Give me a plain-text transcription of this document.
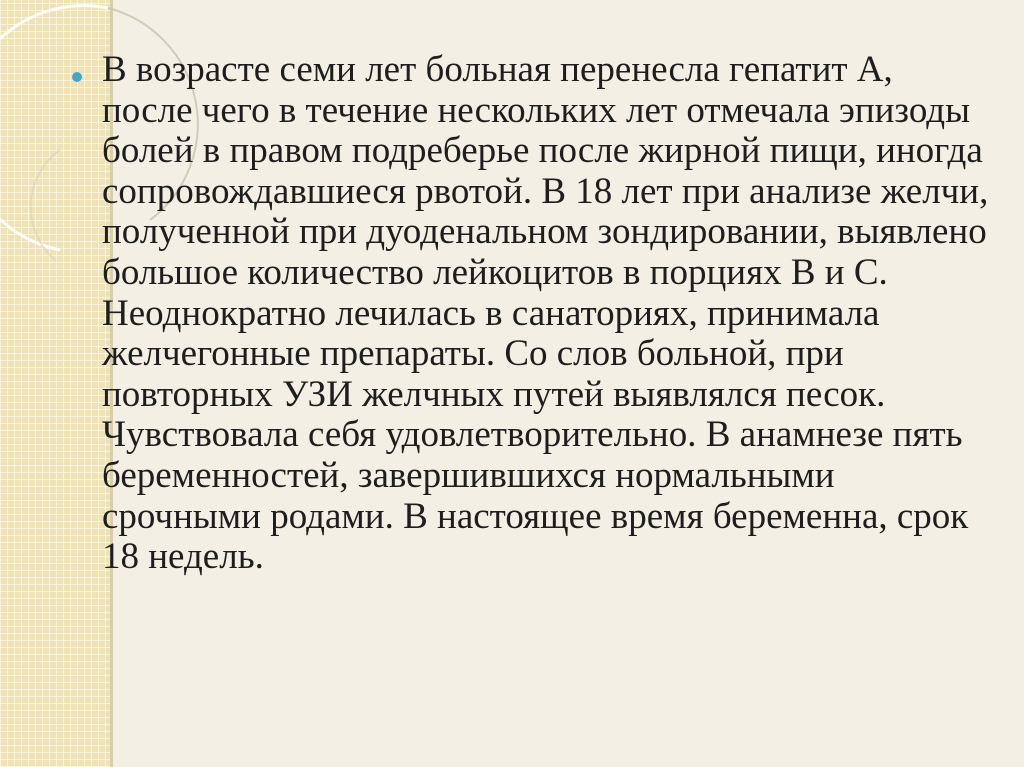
В возрасте семи лет больная перенесла гепатит А, после чего в течение нескольких лет отмечала эпизоды болей в правом подреберье после жирной пищи, иногда сопровождавшиеся рвотой. В 18 лет при анализе желчи, полученной при дуоденальном зондировании, выявлено большое количество лейкоцитов в порциях В и С. Неоднократно лечилась в санаториях, принимала желчегонные препараты. Со слов больной, при повторных УЗИ желчных путей выявлялся песок. Чувствовала себя удовлетворительно. В анамнезе пять беременностей, завершившихся нормальными срочными родами. В настоящее время беременна, срок 18 недель.
